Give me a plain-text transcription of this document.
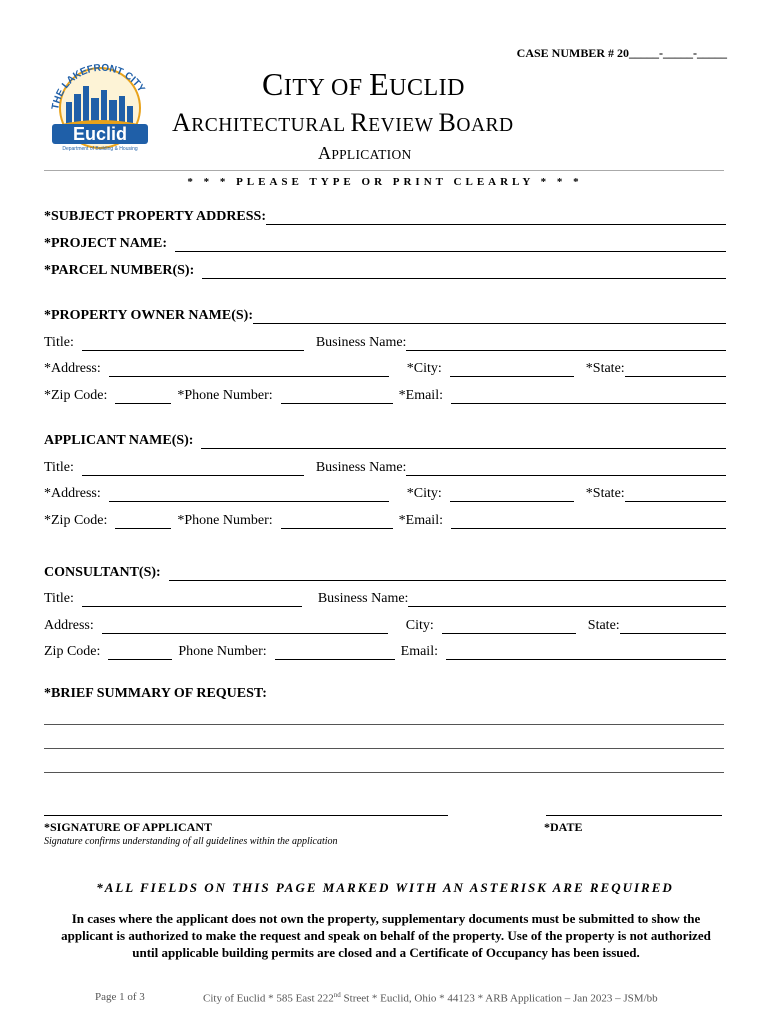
CASE NUMBER # 20_____-_____-_____
THE LAKEFRONT CITY
Euclid
Department of Building & Housing
CITY OF EUCLID
ARCHITECTURAL REVIEW BOARD
APPLICATION
* * * PLEASE TYPE OR PRINT CLEARLY * * *
*SUBJECT PROPERTY ADDRESS:
*PROJECT NAME:
*PARCEL NUMBER(S):
*PROPERTY OWNER NAME(S):
Title:	Business Name:
*Address:	*City:	*State:
*Zip Code:	*Phone Number:	*Email:
APPLICANT NAME(S):
Title:	Business Name:
*Address:	*City:	*State:
*Zip Code:	*Phone Number:	*Email:
CONSULTANT(S):
Title:	Business Name:
Address:	City:	State:
Zip Code:	Phone Number:	Email:
*BRIEF SUMMARY OF REQUEST:
*SIGNATURE OF APPLICANT	*DATE
Signature confirms understanding of all guidelines within the application
*ALL FIELDS ON THIS PAGE MARKED WITH AN ASTERISK ARE REQUIRED
In cases where the applicant does not own the property, supplementary documents must be submitted to show the applicant is authorized to make the request and speak on behalf of the property. Use of the property is not authorized until applicable building permits are closed and a Certificate of Occupancy has been issued.
Page 1 of 3	City of Euclid * 585 East 222nd Street * Euclid, Ohio * 44123 * ARB Application – Jan 2023 – JSM/bb
